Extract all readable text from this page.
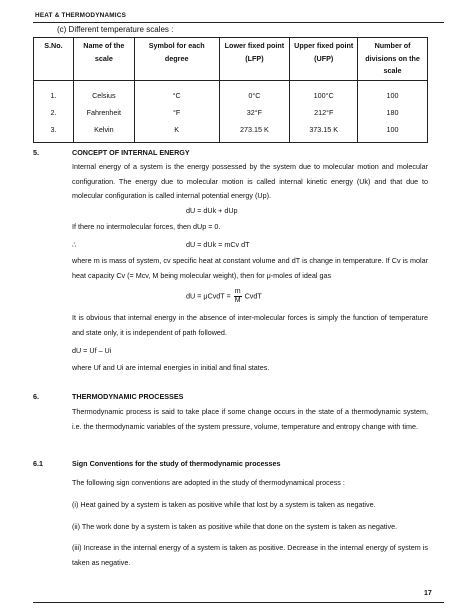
HEAT & THERMODYNAMICS
(c) Different temperature scales :
S.No.	Name of the scale	Symbol for each degree	Lower fixed point (LFP)	Upper fixed point (UFP)	Number of divisions on the scale
1.	Celsius	°C	0°C	100°C	100
2.	Fahrenheit	°F	32°F	212°F	180
3.	Kelvin	K	273.15 K	373.15 K	100
5.	CONCEPT OF INTERNAL ENERGY
Internal energy of a system is the energy possessed by the system due to molecular motion and molecular configuration. The energy due to molecular motion is called internal kinetic energy (Uk) and that due to molecular configuration is called internal potential energy (Up).
dU = dUk + dUp
If there no intermolecular forces, then dUp = 0.
∴	dU = dUk = mCv dT
where m is mass of system, cv specific heat at constant volume and dT is change in temperature. If Cv is molar heat capacity Cv (= Mcv, M being molecular weight), then for μ-moles of ideal gas
dU = μCvdT = $\frac{m}{M}$ CvdT
It is obvious that internal energy in the absence of inter-molecular forces is simply the function of temperature and state only, it is independent of path followed.
dU = Uf – Ui
where Uf and Ui are internal energies in initial and final states.
6.	THERMODYNAMIC PROCESSES
Thermodynamic process is said to take place if some change occurs in the state of a thermodynamic system, i.e. the thermodynamic variables of the system pressure, volume, temperature and entropy change with time.
6.1	Sign Conventions for the study of thermodynamic processes
The following sign conventions are adopted in the study of thermodynamical process :
(i) Heat gained by a system is taken as positive while that lost by a system is taken as negative.
(ii) The work done by a system is taken as positive while that done on the system is taken as negative.
(iii) Increase in the internal energy of a system is taken as positive. Decrease in the internal energy of system is taken as negative.
17
